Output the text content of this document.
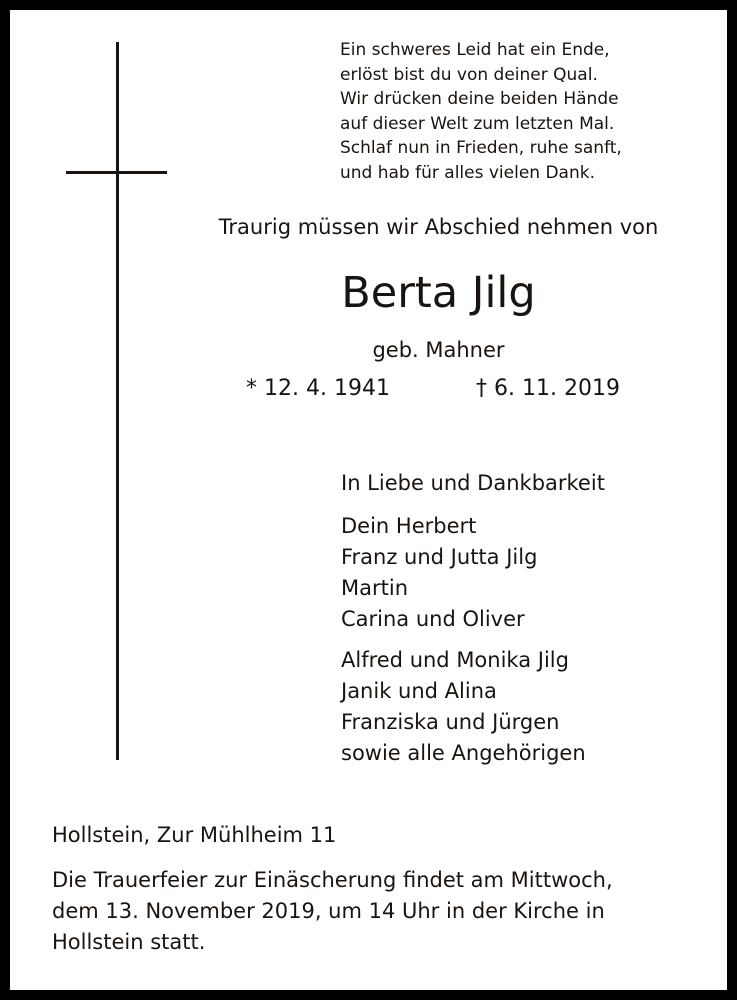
Ein schweres Leid hat ein Ende,
erlöst bist du von deiner Qual.
Wir drücken deine beiden Hände
auf dieser Welt zum letzten Mal.
Schlaf nun in Frieden, ruhe sanft,
und hab für alles vielen Dank.
Traurig müssen wir Abschied nehmen von
Berta Jilg
geb. Mahner
* 12. 4. 1941	† 6. 11. 2019
In Liebe und Dankbarkeit
Dein Herbert
Franz und Jutta Jilg
Martin
Carina und Oliver
Alfred und Monika Jilg
Janik und Alina
Franziska und Jürgen
sowie alle Angehörigen
Hollstein, Zur Mühlheim 11
Die Trauerfeier zur Einäscherung findet am Mittwoch,
dem 13. November 2019, um 14 Uhr in der Kirche in
Hollstein statt.
